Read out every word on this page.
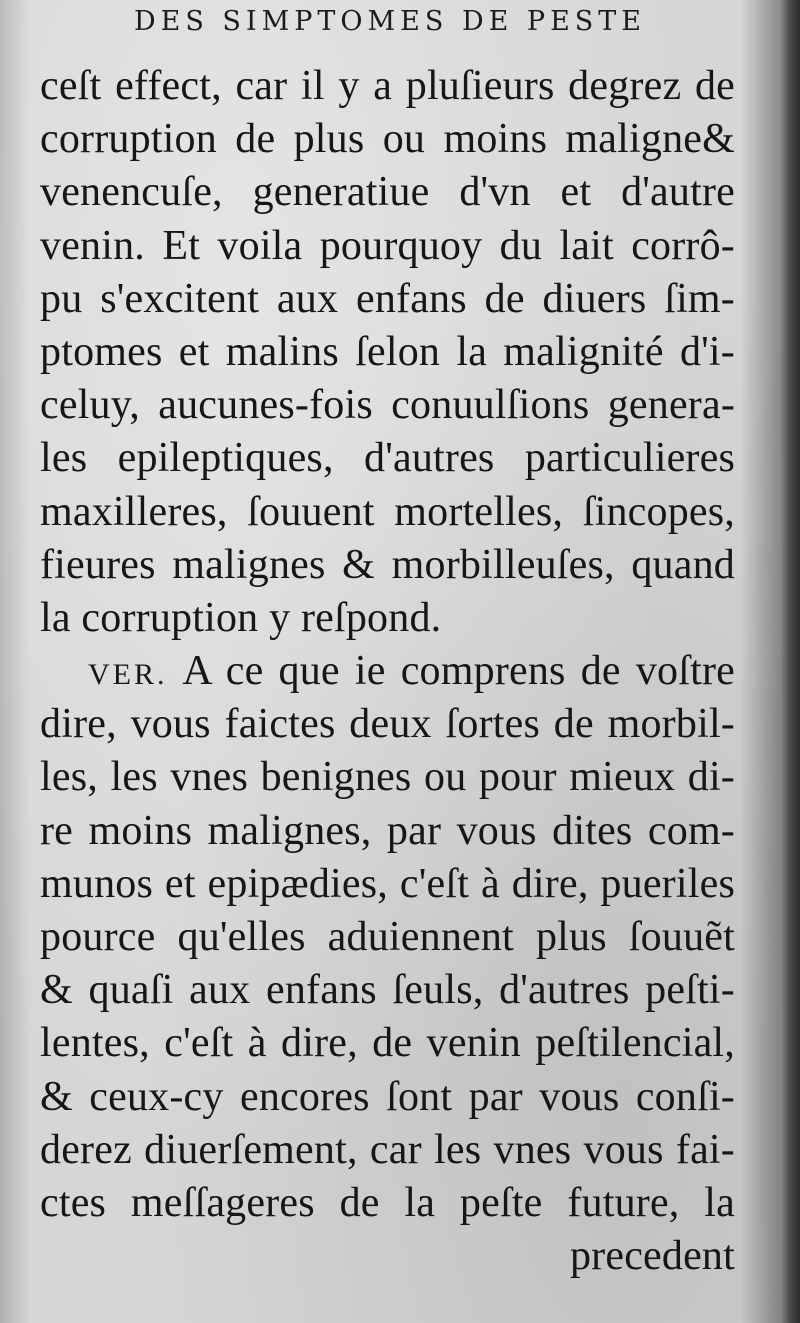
DES SIMPTOMES DE PESTE
ceſt effect, car il y a pluſieurs degrez de
corruption de plus ou moins maligne&
venencuſe, generatiue d'vn et d'autre
venin. Et voila pourquoy du lait corrô-
pu s'excitent aux enfans de diuers ſim-
ptomes et malins ſelon la malignité d'i-
celuy, aucunes-fois conuulſions genera-
les epileptiques, d'autres particulieres
maxilleres, ſouuent mortelles, ſincopes,
fieures malignes & morbilleuſes, quand
la corruption y reſpond.
VER. A ce que ie comprens de voſtre
dire, vous faictes deux ſortes de morbil-
les, les vnes benignes ou pour mieux di-
re moins malignes, par vous dites com-
munos et epipædies, c'eſt à dire, pueriles
pource qu'elles aduiennent plus ſouuẽt
& quaſi aux enfans ſeuls, d'autres peſti-
lentes, c'eſt à dire, de venin peſtilencial,
& ceux-cy encores ſont par vous conſi-
derez diuerſement, car les vnes vous fai-
ctes meſſageres de la peſte future, la
precedent
